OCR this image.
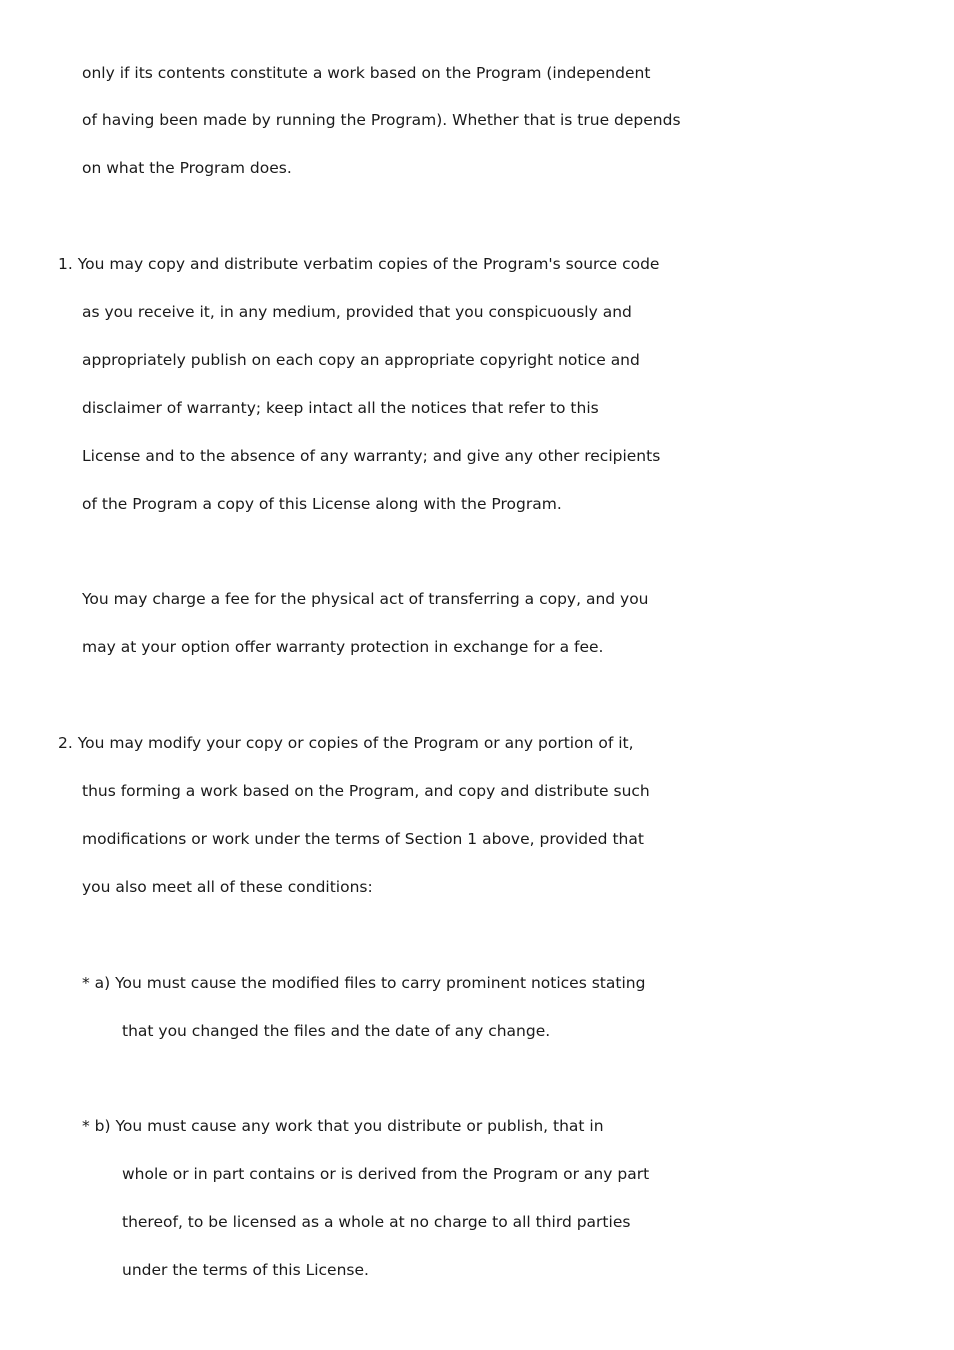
only if its contents constitute a work based on the Program (independent
of having been made by running the Program). Whether that is true depends
on what the Program does.
1. You may copy and distribute verbatim copies of the Program's source code
as you receive it, in any medium, provided that you conspicuously and
appropriately publish on each copy an appropriate copyright notice and
disclaimer of warranty; keep intact all the notices that refer to this
License and to the absence of any warranty; and give any other recipients
of the Program a copy of this License along with the Program.
You may charge a fee for the physical act of transferring a copy, and you
may at your option offer warranty protection in exchange for a fee.
2. You may modify your copy or copies of the Program or any portion of it,
thus forming a work based on the Program, and copy and distribute such
modifications or work under the terms of Section 1 above, provided that
you also meet all of these conditions:
* a) You must cause the modified files to carry prominent notices stating
that you changed the files and the date of any change.
* b) You must cause any work that you distribute or publish, that in
whole or in part contains or is derived from the Program or any part
thereof, to be licensed as a whole at no charge to all third parties
under the terms of this License.
